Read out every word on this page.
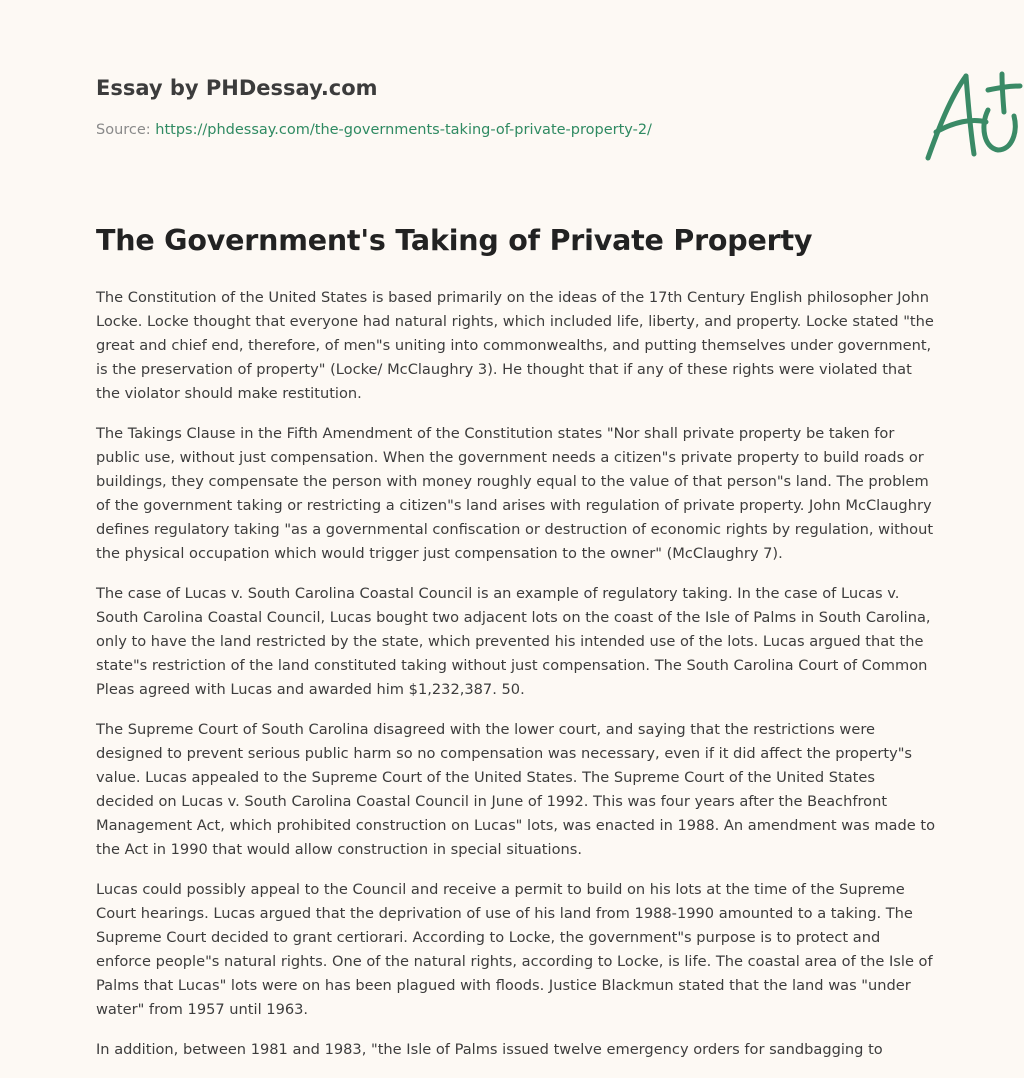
Essay by PHDessay.com
Source: https://phdessay.com/the-governments-taking-of-private-property-2/
The Government's Taking of Private Property

The Constitution of the United States is based primarily on the ideas of the 17th Century English philosopher John Locke. Locke thought that everyone had natural rights, which included life, liberty, and property. Locke stated "the great and chief end, therefore, of men"s uniting into commonwealths, and putting themselves under government, is the preservation of property" (Locke/ McClaughry 3). He thought that if any of these rights were violated that the violator should make restitution.

The Takings Clause in the Fifth Amendment of the Constitution states "Nor shall private property be taken for public use, without just compensation. When the government needs a citizen"s private property to build roads or buildings, they compensate the person with money roughly equal to the value of that person"s land. The problem of the government taking or restricting a citizen"s land arises with regulation of private property. John McClaughry defines regulatory taking "as a governmental confiscation or destruction of economic rights by regulation, without the physical occupation which would trigger just compensation to the owner" (McClaughry 7).

The case of Lucas v. South Carolina Coastal Council is an example of regulatory taking. In the case of Lucas v. South Carolina Coastal Council, Lucas bought two adjacent lots on the coast of the Isle of Palms in South Carolina, only to have the land restricted by the state, which prevented his intended use of the lots. Lucas argued that the state"s restriction of the land constituted taking without just compensation. The South Carolina Court of Common Pleas agreed with Lucas and awarded him $1,232,387. 50.

The Supreme Court of South Carolina disagreed with the lower court, and saying that the restrictions were designed to prevent serious public harm so no compensation was necessary, even if it did affect the property"s value. Lucas appealed to the Supreme Court of the United States. The Supreme Court of the United States decided on Lucas v. South Carolina Coastal Council in June of 1992. This was four years after the Beachfront Management Act, which prohibited construction on Lucas" lots, was enacted in 1988. An amendment was made to the Act in 1990 that would allow construction in special situations.

Lucas could possibly appeal to the Council and receive a permit to build on his lots at the time of the Supreme Court hearings. Lucas argued that the deprivation of use of his land from 1988-1990 amounted to a taking. The Supreme Court decided to grant certiorari. According to Locke, the government"s purpose is to protect and enforce people"s natural rights. One of the natural rights, according to Locke, is life. The coastal area of the Isle of Palms that Lucas" lots were on has been plagued with floods. Justice Blackmun stated that the land was "under water" from 1957 until 1963.

In addition, between 1981 and 1983, "the Isle of Palms issued twelve emergency orders for sandbagging to
